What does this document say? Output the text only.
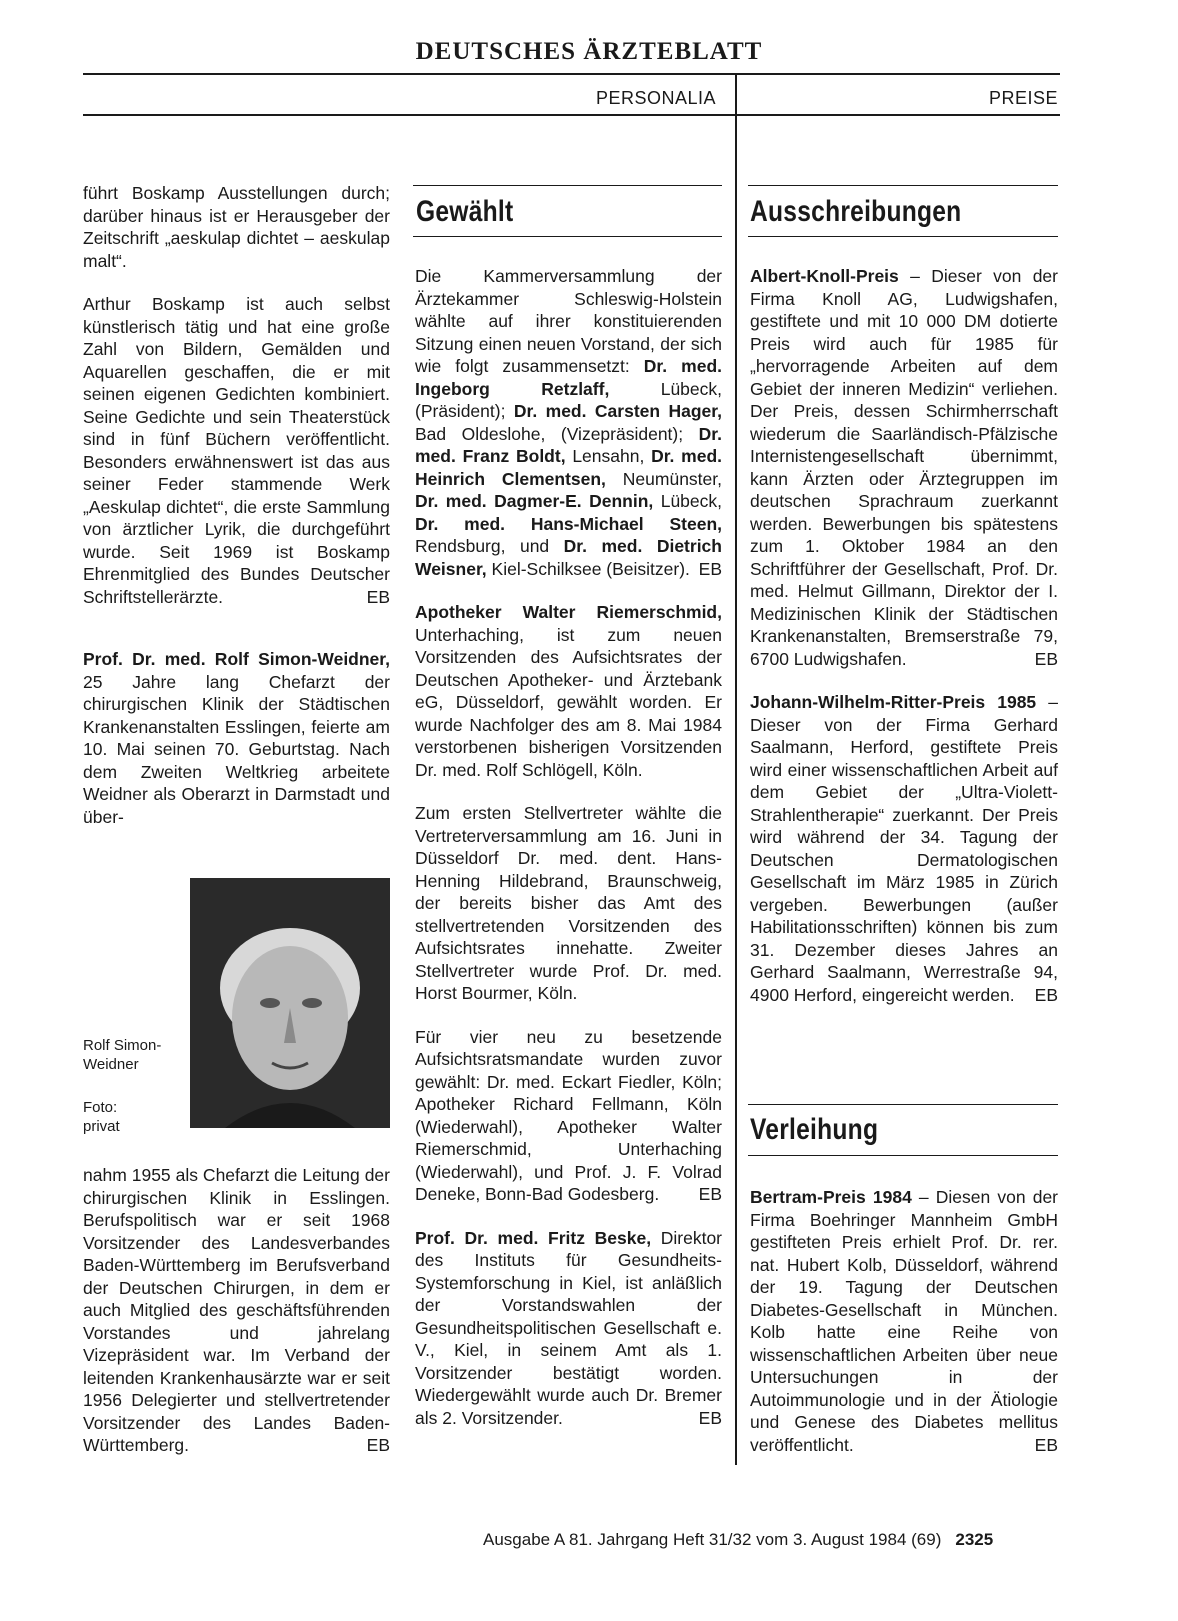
DEUTSCHES ÄRZTEBLATT
PERSONALIA	PREISE

führt Boskamp Ausstellungen durch; darüber hinaus ist er Herausgeber der Zeitschrift „aeskulap dichtet – aeskulap malt“.

Arthur Boskamp ist auch selbst künstlerisch tätig und hat eine große Zahl von Bildern, Gemälden und Aquarellen geschaffen, die er mit seinen eigenen Gedichten kombiniert. Seine Gedichte und sein Theaterstück sind in fünf Büchern veröffentlicht. Besonders erwähnenswert ist das aus seiner Feder stammende Werk „Aeskulap dichtet“, die erste Sammlung von ärztlicher Lyrik, die durchgeführt wurde. Seit 1969 ist Boskamp Ehrenmitglied des Bundes Deutscher Schriftstellerärzte.	EB

Prof. Dr. med. Rolf Simon-Weidner, 25 Jahre lang Chefarzt der chirurgischen Klinik der Städtischen Krankenanstalten Esslingen, feierte am 10. Mai seinen 70. Geburtstag. Nach dem Zweiten Weltkrieg arbeitete Weidner als Oberarzt in Darmstadt und über-

Rolf Simon-Weidner
Foto: privat

nahm 1955 als Chefarzt die Leitung der chirurgischen Klinik in Esslingen. Berufspolitisch war er seit 1968 Vorsitzender des Landesverbandes Baden-Württemberg im Berufsverband der Deutschen Chirurgen, in dem er auch Mitglied des geschäftsführenden Vorstandes und jahrelang Vizepräsident war. Im Verband der leitenden Krankenhausärzte war er seit 1956 Delegierter und stellvertretender Vorsitzender des Landes Baden-Württemberg.	EB

Gewählt

Die Kammerversammlung der Ärztekammer Schleswig-Holstein wählte auf ihrer konstituierenden Sitzung einen neuen Vorstand, der sich wie folgt zusammensetzt: Dr. med. Ingeborg Retzlaff, Lübeck, (Präsident); Dr. med. Carsten Hager, Bad Oldeslohe, (Vizepräsident); Dr. med. Franz Boldt, Lensahn, Dr. med. Heinrich Clementsen, Neumünster, Dr. med. Dagmer-E. Dennin, Lübeck, Dr. med. Hans-Michael Steen, Rendsburg, und Dr. med. Dietrich Weisner, Kiel-Schilksee (Beisitzer). EB

Apotheker Walter Riemerschmid, Unterhaching, ist zum neuen Vorsitzenden des Aufsichtsrates der Deutschen Apotheker- und Ärztebank eG, Düsseldorf, gewählt worden. Er wurde Nachfolger des am 8. Mai 1984 verstorbenen bisherigen Vorsitzenden Dr. med. Rolf Schlögell, Köln.

Zum ersten Stellvertreter wählte die Vertreterversammlung am 16. Juni in Düsseldorf Dr. med. dent. Hans-Henning Hildebrand, Braunschweig, der bereits bisher das Amt des stellvertretenden Vorsitzenden des Aufsichtsrates innehatte. Zweiter Stellvertreter wurde Prof. Dr. med. Horst Bourmer, Köln.

Für vier neu zu besetzende Aufsichtsratsmandate wurden zuvor gewählt: Dr. med. Eckart Fiedler, Köln; Apotheker Richard Fellmann, Köln (Wiederwahl), Apotheker Walter Riemerschmid, Unterhaching (Wiederwahl), und Prof. J. F. Volrad Deneke, Bonn-Bad Godesberg. EB

Prof. Dr. med. Fritz Beske, Direktor des Instituts für Gesundheits-Systemforschung in Kiel, ist anläßlich der Vorstandswahlen der Gesundheitspolitischen Gesellschaft e. V., Kiel, in seinem Amt als 1. Vorsitzender bestätigt worden. Wiedergewählt wurde auch Dr. Bremer als 2. Vorsitzender.	EB

Ausschreibungen

Albert-Knoll-Preis – Dieser von der Firma Knoll AG, Ludwigshafen, gestiftete und mit 10 000 DM dotierte Preis wird auch für 1985 für „hervorragende Arbeiten auf dem Gebiet der inneren Medizin“ verliehen. Der Preis, dessen Schirmherrschaft wiederum die Saarländisch-Pfälzische Internistengesellschaft übernimmt, kann Ärzten oder Ärztegruppen im deutschen Sprachraum zuerkannt werden. Bewerbungen bis spätestens zum 1. Oktober 1984 an den Schriftführer der Gesellschaft, Prof. Dr. med. Helmut Gillmann, Direktor der I. Medizinischen Klinik der Städtischen Krankenanstalten, Bremserstraße 79, 6700 Ludwigshafen.	EB

Johann-Wilhelm-Ritter-Preis 1985 – Dieser von der Firma Gerhard Saalmann, Herford, gestiftete Preis wird einer wissenschaftlichen Arbeit auf dem Gebiet der „Ultra-Violett-Strahlentherapie“ zuerkannt. Der Preis wird während der 34. Tagung der Deutschen Dermatologischen Gesellschaft im März 1985 in Zürich vergeben. Bewerbungen (außer Habilitationsschriften) können bis zum 31. Dezember dieses Jahres an Gerhard Saalmann, Werrestraße 94, 4900 Herford, eingereicht werden. EB

Verleihung

Bertram-Preis 1984 – Diesen von der Firma Boehringer Mannheim GmbH gestifteten Preis erhielt Prof. Dr. rer. nat. Hubert Kolb, Düsseldorf, während der 19. Tagung der Deutschen Diabetes-Gesellschaft in München. Kolb hatte eine Reihe von wissenschaftlichen Arbeiten über neue Untersuchungen in der Autoimmunologie und in der Ätiologie und Genese des Diabetes mellitus veröffentlicht.	EB

Ausgabe A 81. Jahrgang Heft 31/32 vom 3. August 1984 (69) 2325
